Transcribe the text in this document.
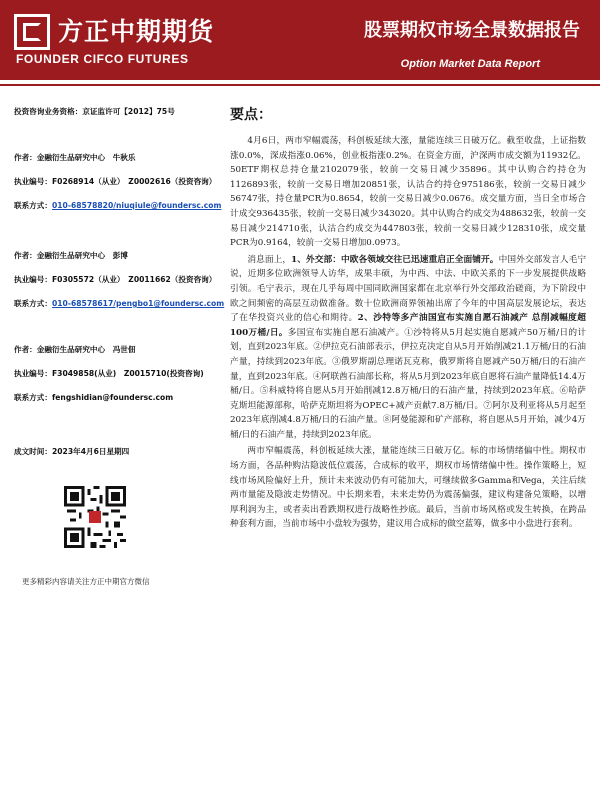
方正中期期货
FOUNDER CIFCO FUTURES
股票期权市场全景数据报告
Option Market Data Report
投资咨询业务资格：京证监许可【2012】75号
作者：金融衍生品研究中心　牛秋乐
执业编号：F0268914（从业）　Z0002616（投资咨询）
联系方式：010-68578820/niuqiule@foundersc.com
作者：金融衍生品研究中心　彭博
执业编号：F0305572（从业）　Z0011662（投资咨询）
联系方式：010-68578617/pengbo1@foundersc.com
作者：金融衍生品研究中心　冯世佃
执业编号：F3049858(从业)　Z0015710(投资咨询)
联系方式：fengshidian@foundersc.com
成文时间：2023年4月6日星期四
更多精彩内容请关注方正中期官方微信
要点：

4月6日，两市窄幅震荡，科创板延续大涨，量能连续三日破万亿。截至收盘，上证指数涨0.0%，深成指涨0.06%，创业板指涨0.2%。在资金方面，沪深两市成交额为11932亿。50ETF期权总持仓量2102079张，较前一交易日减少35896。其中认购合约持仓为1126893张，较前一交易日增加20851张，认沽合约持仓975186张，较前一交易日减少56747张，持仓量PCR为0.8654，较前一交易日减少0.0676。成交量方面，当日全市场合计成交936435张，较前一交易日减少343020。其中认购合约成交为488632张，较前一交易日减少214710张，认沽合约成交为447803张，较前一交易日减少128310张，成交量PCR为0.9164，较前一交易日增加0.0973。

消息面上，1、外交部：中欧各领域交往已迅速重启正全面铺开。中国外交部发言人毛宁说，近期多位欧洲领导人访华，成果丰硕，为中西、中法、中欧关系的下一步发展提供战略引领。毛宁表示，现在几乎每周中国同欧洲国家都在北京举行外交部政治磋商，为下阶段中欧之间频密的高层互动做准备。数十位欧洲商界领袖出席了今年的中国高层发展论坛，表达了在华投资兴业的信心和期待。2、沙特等多产油国宣布实施自愿石油减产 总削减幅度超100万桶/日。多国宣布实施自愿石油减产。①沙特将从5月起实施自愿减产50万桶/日的计划，直到2023年底。②伊拉克石油部表示，伊拉克决定自从5月开始削减21.1万桶/日的石油产量，持续到2023年底。③俄罗斯副总理诺瓦克称，俄罗斯将自愿减产50万桶/日的石油产量，直到2023年底。④阿联酋石油部长称，将从5月到2023年底自愿将石油产量降低14.4万桶/日。⑤科威特将自愿从5月开始削减12.8万桶/日的石油产量，持续到2023年底。⑥哈萨克斯坦能源部称，哈萨克斯坦将为OPEC+减产贡献7.8万桶/日。⑦阿尔及利亚将从5月起至2023年底削减4.8万桶/日的石油产量。⑧阿曼能源和矿产部称，将自愿从5月开始，减少4万桶/日的石油产量，持续到2023年底。

两市窄幅震荡，科创板延续大涨，量能连续三日破万亿。标的市场情绪偏中性。期权市场方面，各品种购沽隐波低位震荡，合成标的收平，期权市场情绪偏中性。操作策略上，短线市场风险偏好上升，预计未来波动仍有可能加大，可继续做多Gamma和Vega，关注后续两市量能及隐波走势情况。中长期来看，未来走势仍为震荡偏强，建议构建备兑策略，以增厚利润为主，或者卖出看跌期权进行战略性抄底。最后，当前市场风格或发生转换，在跨品种套利方面，当前市场中小盘较为强势，建议用合成标的做空蓝筹，做多中小盘进行套利。
